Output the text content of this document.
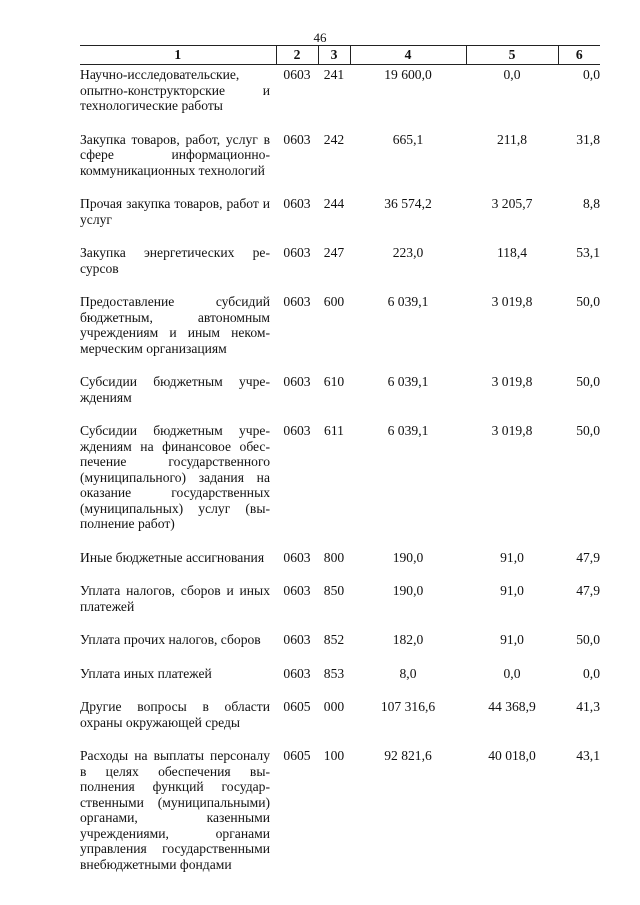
46
1	2	3	4	5	6
Научно-исследовательские, опытно-конструкторские и технологические работы	0603	241	19 600,0	0,0	0,0
Закупка товаров, работ, услуг в сфере информационно-коммуникационных технологий	0603	242	665,1	211,8	31,8
Прочая закупка товаров, работ и услуг	0603	244	36 574,2	3 205,7	8,8
Закупка энергетических ресурсов	0603	247	223,0	118,4	53,1
Предоставление субсидий бюджетным, автономным учреждениям и иным некоммерческим организациям	0603	600	6 039,1	3 019,8	50,0
Субсидии бюджетным учреждениям	0603	610	6 039,1	3 019,8	50,0
Субсидии бюджетным учреждениям на финансовое обеспечение государственного (муниципального) задания на оказание государственных (муниципальных) услуг (выполнение работ)	0603	611	6 039,1	3 019,8	50,0
Иные бюджетные ассигнования	0603	800	190,0	91,0	47,9
Уплата налогов, сборов и иных платежей	0603	850	190,0	91,0	47,9
Уплата прочих налогов, сборов	0603	852	182,0	91,0	50,0
Уплата иных платежей	0603	853	8,0	0,0	0,0
Другие вопросы в области охраны окружающей среды	0605	000	107 316,6	44 368,9	41,3
Расходы на выплаты персоналу в целях обеспечения выполнения функций государственными (муниципальными) органами, казенными учреждениями, органами управления государственными внебюджетными фондами	0605	100	92 821,6	40 018,0	43,1
